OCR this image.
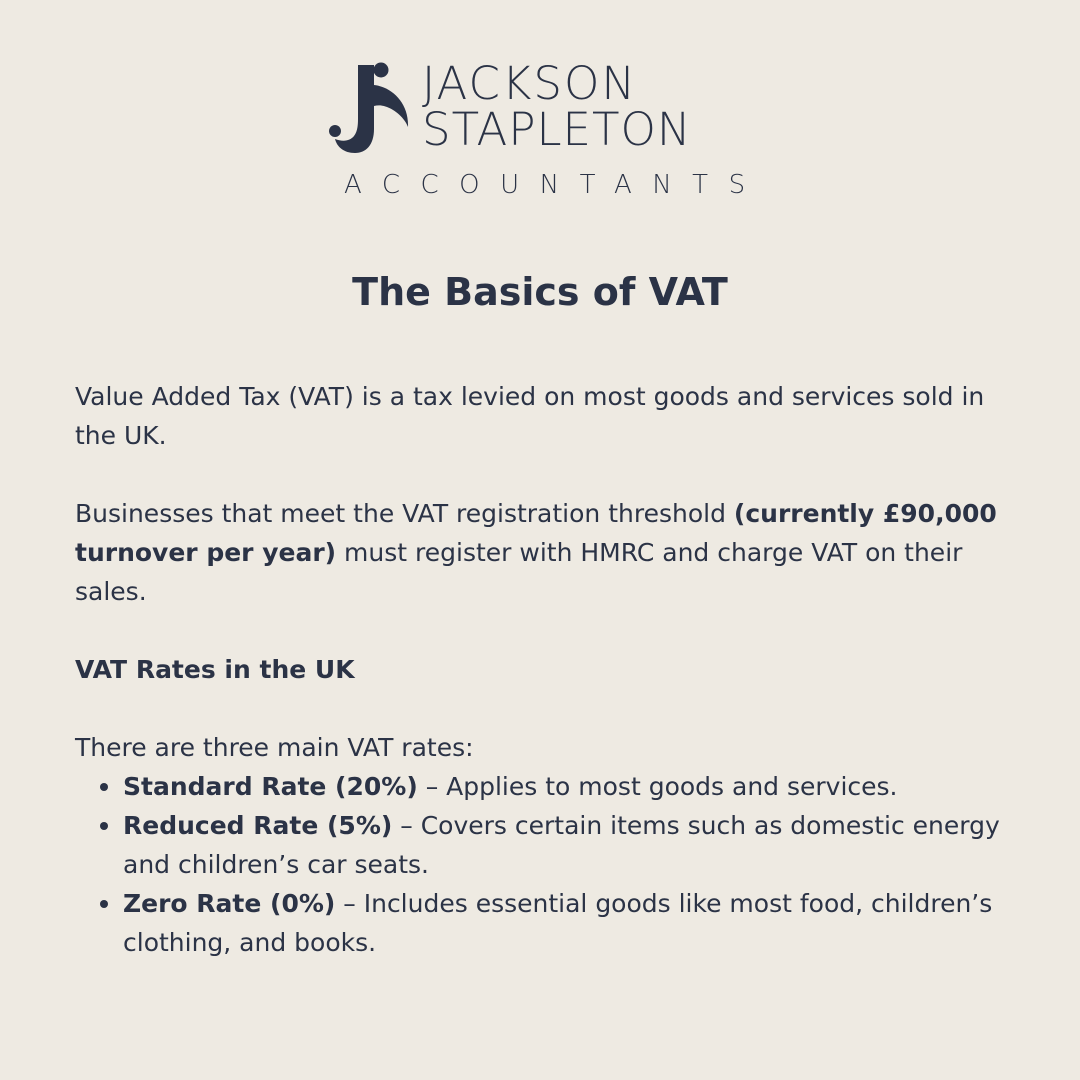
JACKSON
STAPLETON
ACCOUNTANTS
The Basics of VAT

Value Added Tax (VAT) is a tax levied on most goods and services sold in the UK.

Businesses that meet the VAT registration threshold (currently £90,000 turnover per year) must register with HMRC and charge VAT on their sales.

VAT Rates in the UK

There are three main VAT rates:

Standard Rate (20%) – Applies to most goods and services.
Reduced Rate (5%) – Covers certain items such as domestic energy and children’s car seats.
Zero Rate (0%) – Includes essential goods like most food, children’s clothing, and books.
